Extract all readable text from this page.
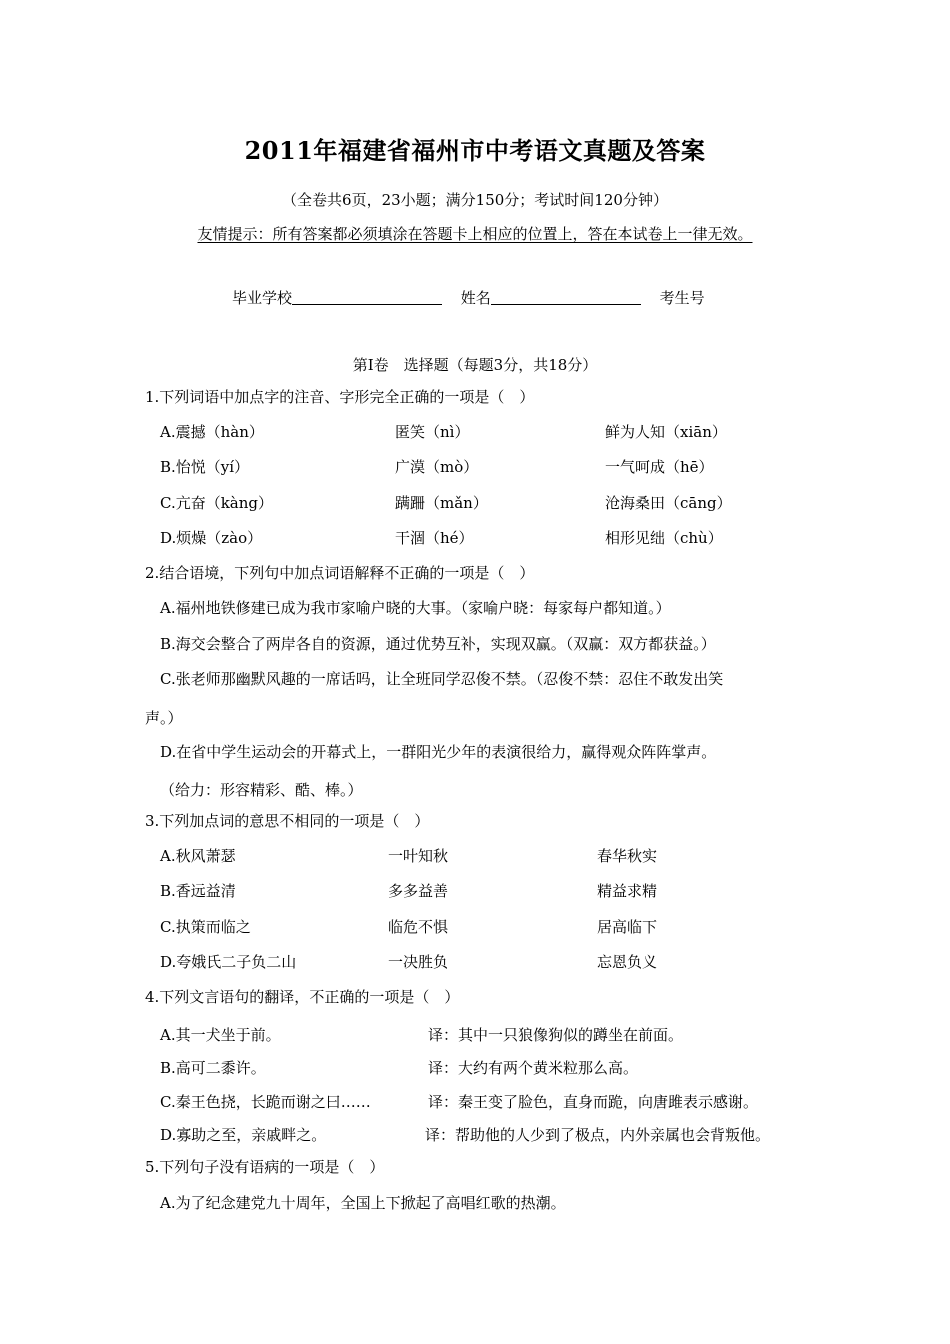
2011年福建省福州市中考语文真题及答案
（全卷共6页，23小题；满分150分；考试时间120分钟）
友情提示：所有答案都必须填涂在答题卡上相应的位置上，答在本试卷上一律无效。
毕业学校	姓名	考生号
第Ⅰ卷　选择题（每题3分，共18分）
1.下列词语中加点字的注音、字形完全正确的一项是（　）
A.震撼（hàn）	匿笑（nì）	鲜为人知（xiān）
B.怡悦（yí）	广漠（mò）	一气呵成（hē）
C.亢奋（kàng）	蹒跚（mǎn）	沧海桑田（cāng）
D.烦燥（zào）	干涸（hé）	相形见绌（chù）
2.结合语境，下列句中加点词语解释不正确的一项是（　）
A.福州地铁修建已成为我市家喻户晓的大事。（家喻户晓：每家每户都知道。）
B.海交会整合了两岸各自的资源，通过优势互补，实现双赢。（双赢：双方都获益。）
C.张老师那幽默风趣的一席话吗，让全班同学忍俊不禁。（忍俊不禁：忍住不敢发出笑
声。）
D.在省中学生运动会的开幕式上，一群阳光少年的表演很给力，赢得观众阵阵掌声。
（给力：形容精彩、酷、棒。）
3.下列加点词的意思不相同的一项是（　）
A.秋风萧瑟	一叶知秋	春华秋实
B.香远益清	多多益善	精益求精
C.执策而临之	临危不惧	居高临下
D.夸娥氏二子负二山	一决胜负	忘恩负义
4.下列文言语句的翻译，不正确的一项是（　）
A.其一犬坐于前。	译：其中一只狼像狗似的蹲坐在前面。
B.高可二黍许。	译：大约有两个黄米粒那么高。
C.秦王色挠，长跪而谢之曰……	译：秦王变了脸色，直身而跪，向唐雎表示感谢。
D.寡助之至，亲戚畔之。	译：帮助他的人少到了极点，内外亲属也会背叛他。
5.下列句子没有语病的一项是（　）
A.为了纪念建党九十周年，全国上下掀起了高唱红歌的热潮。
